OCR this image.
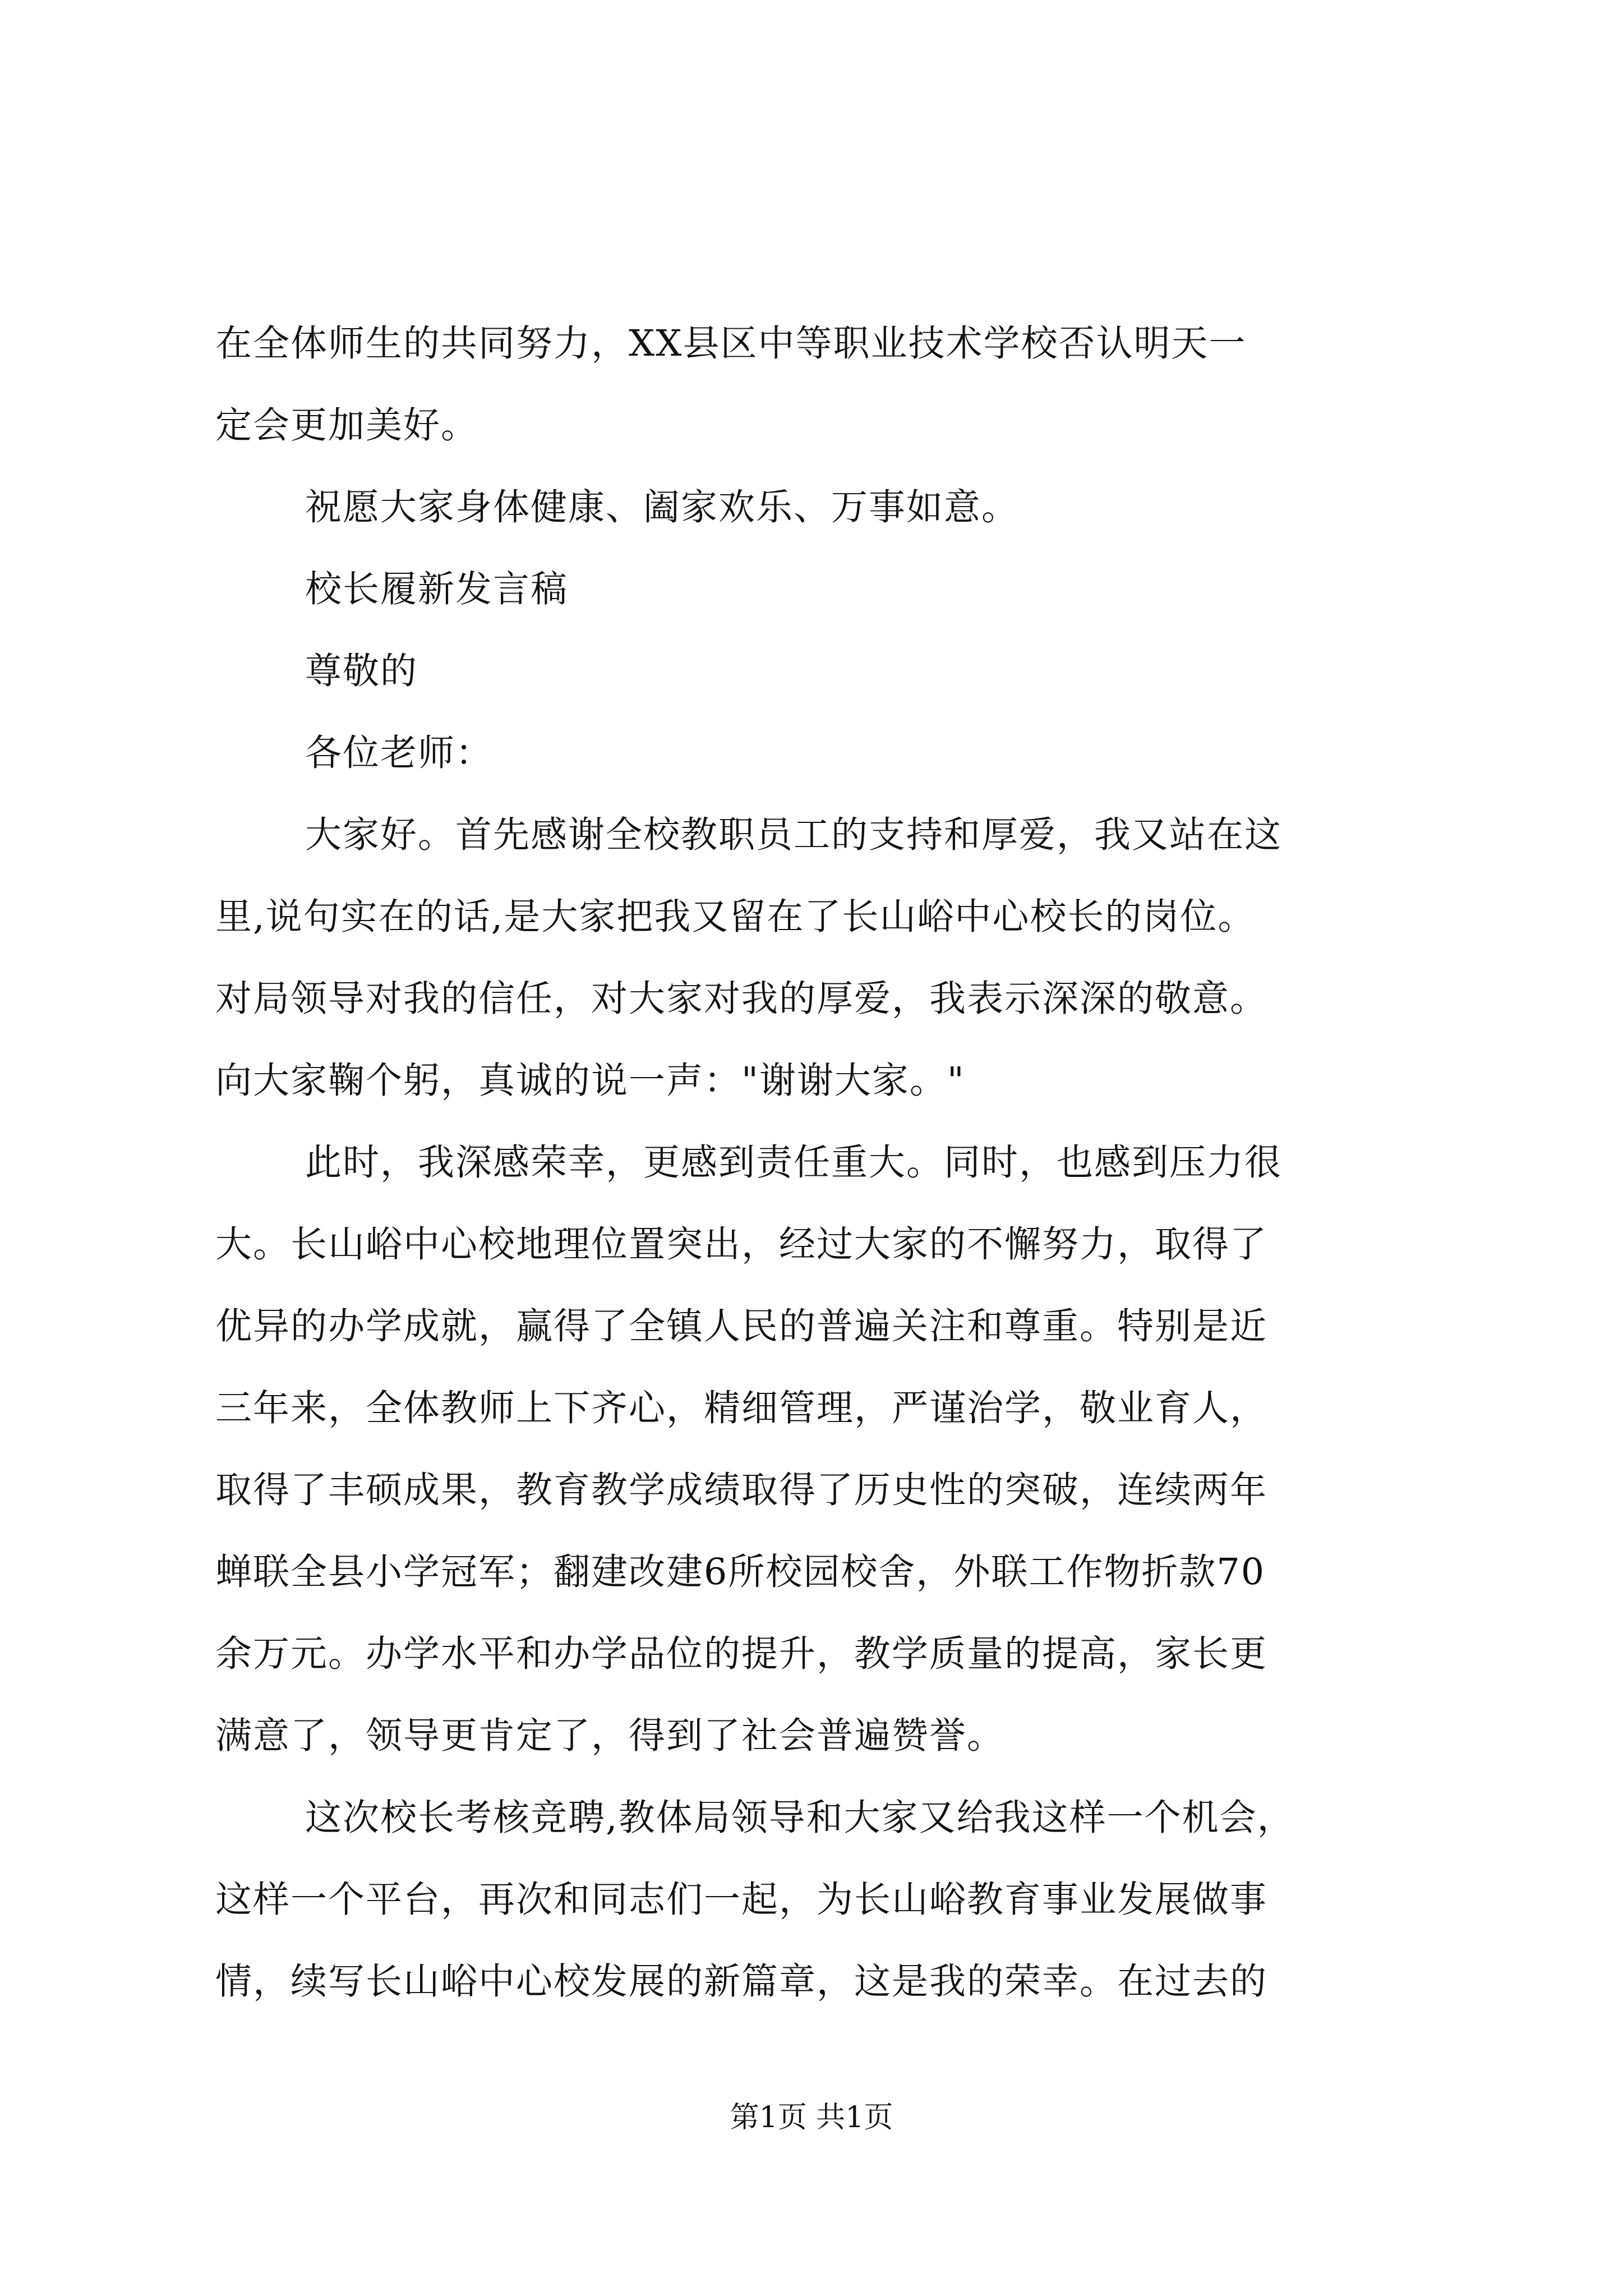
在全体师生的共同努力，XX县区中等职业技术学校否认明天一
定会更加美好。
祝愿大家身体健康、阖家欢乐、万事如意。
校长履新发言稿
尊敬的
各位老师：
大家好。首先感谢全校教职员工的支持和厚爱，我又站在这
里,说句实在的话,是大家把我又留在了长山峪中心校长的岗位。
对局领导对我的信任，对大家对我的厚爱，我表示深深的敬意。
向大家鞠个躬，真诚的说一声："谢谢大家。"
此时，我深感荣幸，更感到责任重大。同时，也感到压力很
大。长山峪中心校地理位置突出，经过大家的不懈努力，取得了
优异的办学成就，赢得了全镇人民的普遍关注和尊重。特别是近
三年来，全体教师上下齐心，精细管理，严谨治学，敬业育人，
取得了丰硕成果，教育教学成绩取得了历史性的突破，连续两年
蝉联全县小学冠军；翻建改建6所校园校舍，外联工作物折款70
余万元。办学水平和办学品位的提升，教学质量的提高，家长更
满意了，领导更肯定了，得到了社会普遍赞誉。
这次校长考核竞聘,教体局领导和大家又给我这样一个机会，
这样一个平台，再次和同志们一起，为长山峪教育事业发展做事
情，续写长山峪中心校发展的新篇章，这是我的荣幸。在过去的
第1页 共1页
